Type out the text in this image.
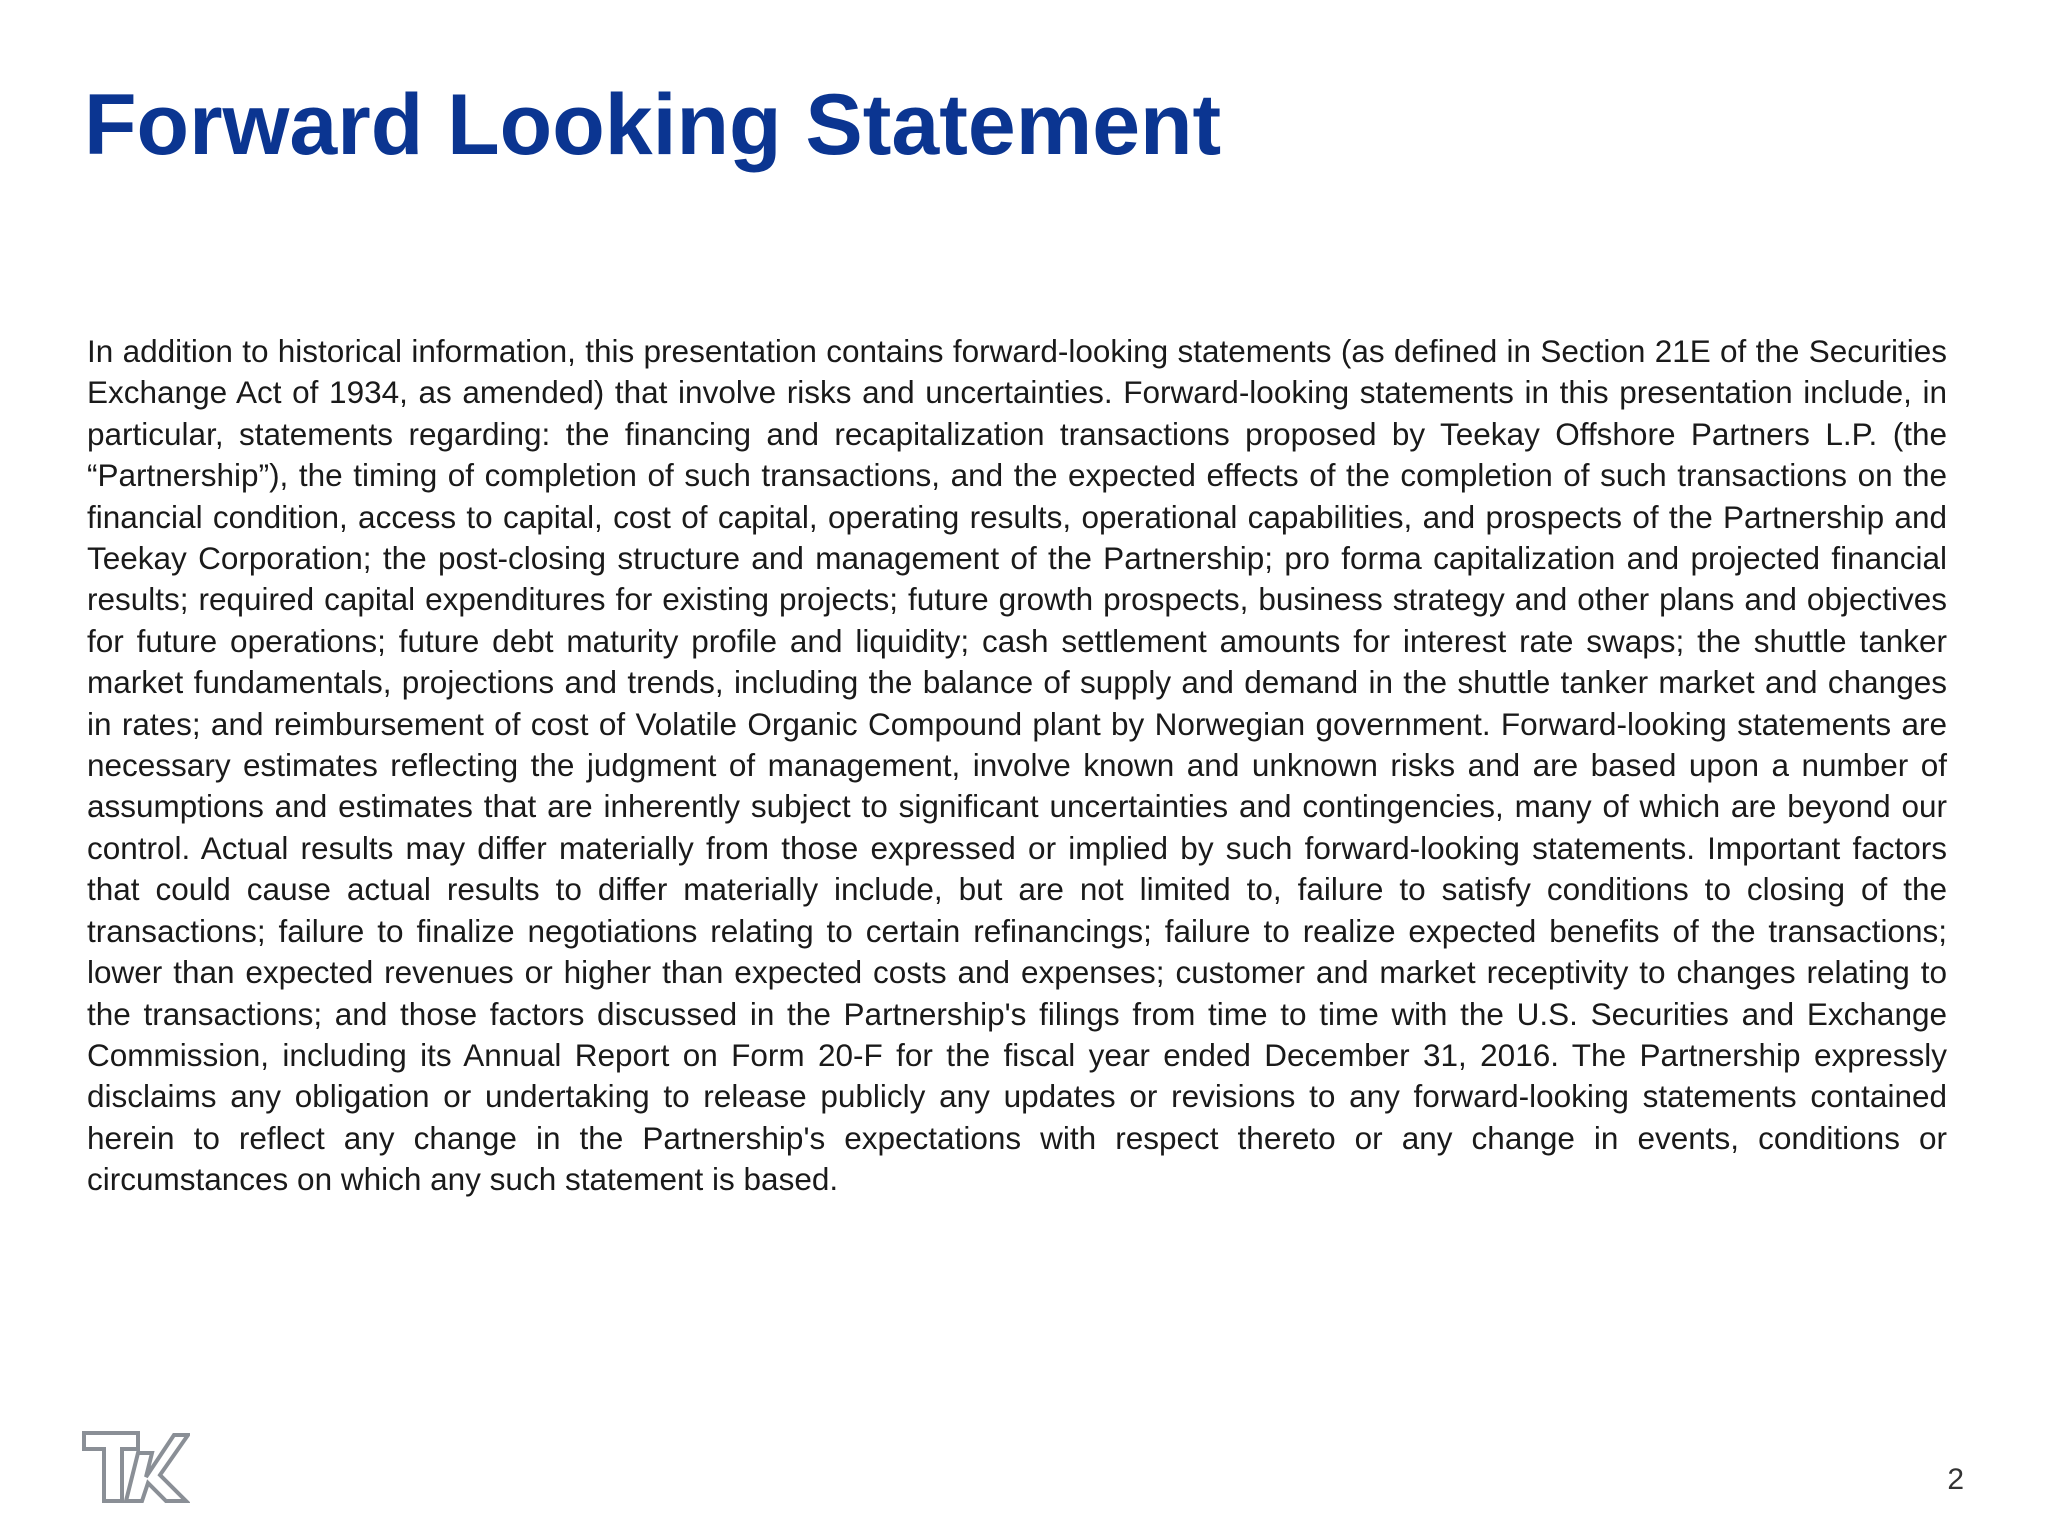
Forward Looking Statement

In addition to historical information, this presentation contains forward-looking statements (as defined in Section 21E of the Securities Exchange Act of 1934, as amended) that involve risks and uncertainties. Forward-looking statements in this presentation include, in particular, statements regarding: the financing and recapitalization transactions proposed by Teekay Offshore Partners L.P. (the “Partnership”), the timing of completion of such transactions, and the expected effects of the completion of such transactions on the financial condition, access to capital, cost of capital, operating results, operational capabilities, and prospects of the Partnership and Teekay Corporation; the post-closing structure and management of the Partnership; pro forma capitalization and projected financial results; required capital expenditures for existing projects; future growth prospects, business strategy and other plans and objectives for future operations; future debt maturity profile and liquidity; cash settlement amounts for interest rate swaps; the shuttle tanker market fundamentals, projections and trends, including the balance of supply and demand in the shuttle tanker market and changes in rates; and reimbursement of cost of Volatile Organic Compound plant by Norwegian government. Forward-looking statements are necessary estimates reflecting the judgment of management, involve known and unknown risks and are based upon a number of assumptions and estimates that are inherently subject to significant uncertainties and contingencies, many of which are beyond our control. Actual results may differ materially from those expressed or implied by such forward-looking statements. Important factors that could cause actual results to differ materially include, but are not limited to, failure to satisfy conditions to closing of the transactions; failure to finalize negotiations relating to certain refinancings; failure to realize expected benefits of the transactions; lower than expected revenues or higher than expected costs and expenses; customer and market receptivity to changes relating to the transactions; and those factors discussed in the Partnership's filings from time to time with the U.S. Securities and Exchange Commission, including its Annual Report on Form 20-F for the fiscal year ended December 31, 2016. The Partnership expressly disclaims any obligation or undertaking to release publicly any updates or revisions to any forward-looking statements contained herein to reflect any change in the Partnership's expectations with respect thereto or any change in events, conditions or circumstances on which any such statement is based.

2
